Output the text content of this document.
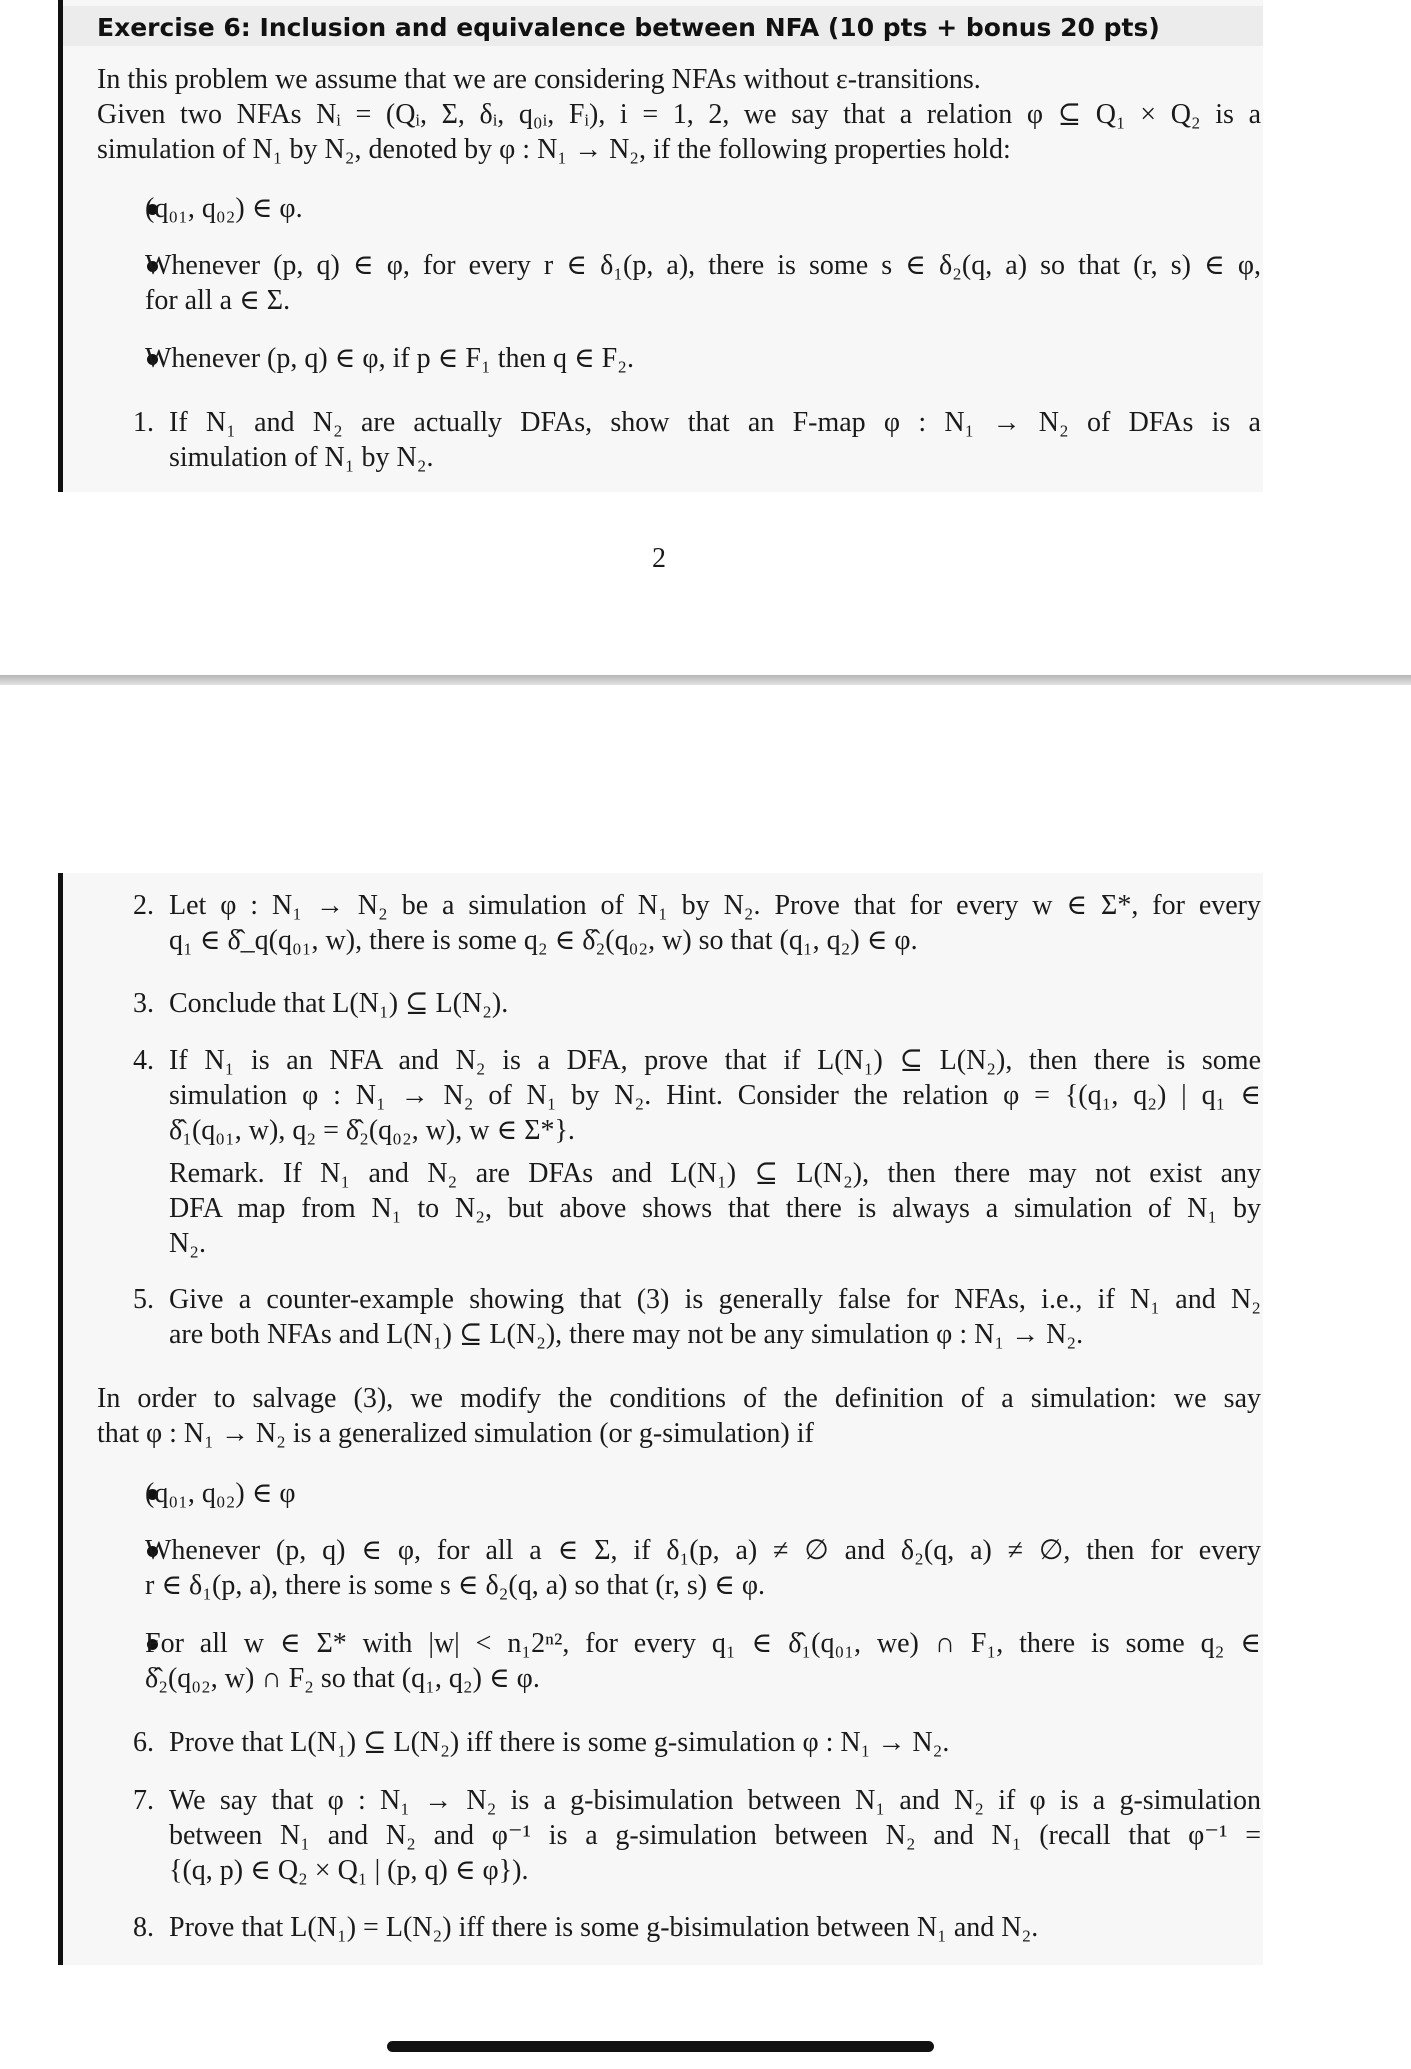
Exercise 6: Inclusion and equivalence between NFA (10 pts + bonus 20 pts)
In this problem we assume that we are considering NFAs without ε-transitions.
Given two NFAs Nᵢ = (Qᵢ, Σ, δᵢ, q₀ᵢ, Fᵢ), i = 1, 2, we say that a relation φ ⊆ Q₁ × Q₂ is a
simulation of N₁ by N₂, denoted by φ : N₁ → N₂, if the following properties hold:
(q₀₁, q₀₂) ∈ φ.
Whenever (p, q) ∈ φ, for every r ∈ δ₁(p, a), there is some s ∈ δ₂(q, a) so that (r, s) ∈ φ,
for all a ∈ Σ.
Whenever (p, q) ∈ φ, if p ∈ F₁ then q ∈ F₂.
1. If N₁ and N₂ are actually DFAs, show that an F-map φ : N₁ → N₂ of DFAs is a
simulation of N₁ by N₂.
2
2. Let φ : N₁ → N₂ be a simulation of N₁ by N₂. Prove that for every w ∈ Σ*, for every
q₁ ∈ δ̂_q(q₀₁, w), there is some q₂ ∈ δ̂₂(q₀₂, w) so that (q₁, q₂) ∈ φ.
3. Conclude that L(N₁) ⊆ L(N₂).
4. If N₁ is an NFA and N₂ is a DFA, prove that if L(N₁) ⊆ L(N₂), then there is some
simulation φ : N₁ → N₂ of N₁ by N₂. Hint. Consider the relation φ = {(q₁, q₂) | q₁ ∈
δ̂₁(q₀₁, w), q₂ = δ̂₂(q₀₂, w), w ∈ Σ*}.
Remark. If N₁ and N₂ are DFAs and L(N₁) ⊆ L(N₂), then there may not exist any
DFA map from N₁ to N₂, but above shows that there is always a simulation of N₁ by
N₂.
5. Give a counter-example showing that (3) is generally false for NFAs, i.e., if N₁ and N₂
are both NFAs and L(N₁) ⊆ L(N₂), there may not be any simulation φ : N₁ → N₂.
In order to salvage (3), we modify the conditions of the definition of a simulation: we say
that φ : N₁ → N₂ is a generalized simulation (or g-simulation) if
(q₀₁, q₀₂) ∈ φ
Whenever (p, q) ∈ φ, for all a ∈ Σ, if δ₁(p, a) ≠ ∅ and δ₂(q, a) ≠ ∅, then for every
r ∈ δ₁(p, a), there is some s ∈ δ₂(q, a) so that (r, s) ∈ φ.
For all w ∈ Σ* with |w| < n₁2ⁿ², for every q₁ ∈ δ̂₁(q₀₁, we) ∩ F₁, there is some q₂ ∈
δ̂₂(q₀₂, w) ∩ F₂ so that (q₁, q₂) ∈ φ.
6. Prove that L(N₁) ⊆ L(N₂) iff there is some g-simulation φ : N₁ → N₂.
7. We say that φ : N₁ → N₂ is a g-bisimulation between N₁ and N₂ if φ is a g-simulation
between N₁ and N₂ and φ⁻¹ is a g-simulation between N₂ and N₁ (recall that φ⁻¹ =
{(q, p) ∈ Q₂ × Q₁ | (p, q) ∈ φ}).
8. Prove that L(N₁) = L(N₂) iff there is some g-bisimulation between N₁ and N₂.
